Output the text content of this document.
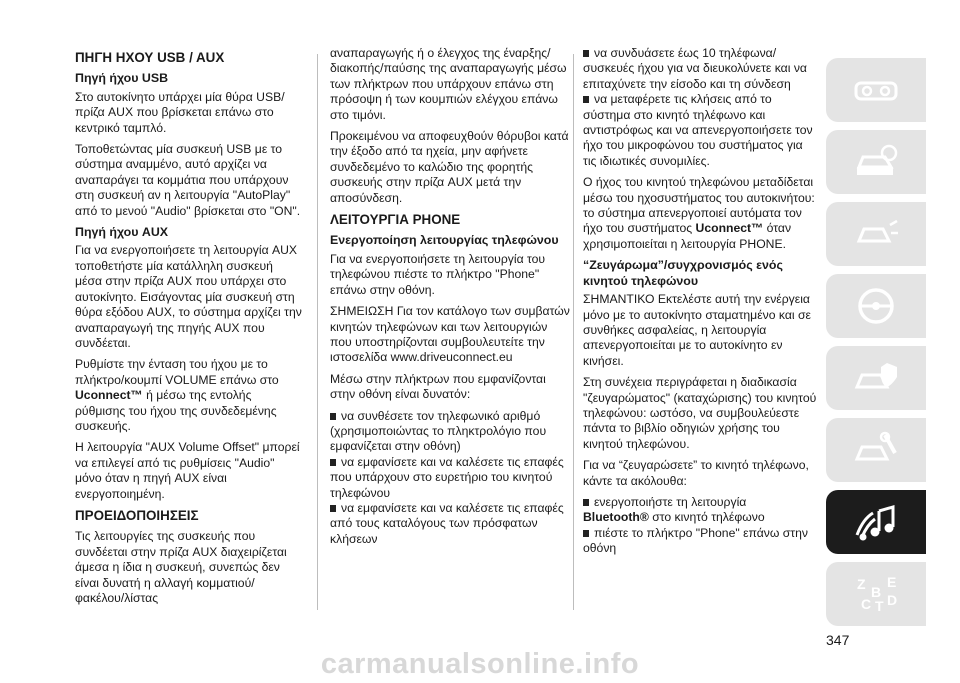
ΠΗΓΗ ΗΧΟΥ USB / AUX
Πηγή ήχου USB

Στο αυτοκίνητο υπάρχει μία θύρα USB/πρίζα AUX που βρίσκεται επάνω στο κεντρικό ταμπλό.

Τοποθετώντας μία συσκευή USB με το σύστημα αναμμένο, αυτό αρχίζει να αναπαράγει τα κομμάτια που υπάρχουν στη συσκευή αν η λειτουργία "AutoPlay" από το μενού "Audio" βρίσκεται στο "ON".

Πηγή ήχου AUX

Για να ενεργοποιήσετε τη λειτουργία AUX τοποθετήστε μία κατάλληλη συσκευή μέσα στην πρίζα AUX που υπάρχει στο αυτοκίνητο. Εισάγοντας μία συσκευή στη θύρα εξόδου AUX, το σύστημα αρχίζει την αναπαραγωγή της πηγής AUX που συνδέεται.

Ρυθμίστε την ένταση του ήχου με το πλήκτρο/κουμπί VOLUME επάνω στο Uconnect™ ή μέσω της εντολής ρύθμισης του ήχου της συνδεδεμένης συσκευής.

Η λειτουργία "AUX Volume Offset" μπορεί να επιλεγεί από τις ρυθμίσεις "Audio" μόνο όταν η πηγή AUX είναι ενεργοποιημένη.

ΠΡΟΕΙΔΟΠΟΙΗΣΕΙΣ

Τις λειτουργίες της συσκευής που συνδέεται στην πρίζα AUX διαχειρίζεται άμεσα η ίδια η συσκευή, συνεπώς δεν είναι δυνατή η αλλαγή κομματιού/φακέλου/λίστας

αναπαραγωγής ή ο έλεγχος της έναρξης/διακοπής/παύσης της αναπαραγωγής μέσω των πλήκτρων που υπάρχουν επάνω στη πρόσοψη ή των κουμπιών ελέγχου επάνω στο τιμόνι.

Προκειμένου να αποφευχθούν θόρυβοι κατά την έξοδο από τα ηχεία, μην αφήνετε συνδεδεμένο το καλώδιο της φορητής συσκευής στην πρίζα AUX μετά την αποσύνδεση.

ΛΕΙΤΟΥΡΓΙΑ PHONE
Ενεργοποίηση λειτουργίας τηλεφώνου

Για να ενεργοποιήσετε τη λειτουργία του τηλεφώνου πιέστε το πλήκτρο "Phone" επάνω στην οθόνη.

ΣΗΜΕΙΩΣΗ Για τον κατάλογο των συμβατών κινητών τηλεφώνων και των λειτουργιών που υποστηρίζονται συμβουλευτείτε την ιστοσελίδα www.driveuconnect.eu

Μέσω στην πλήκτρων που εμφανίζονται στην οθόνη είναι δυνατόν:

να συνθέσετε τον τηλεφωνικό αριθμό (χρησιμοποιώντας το πληκτρολόγιο που εμφανίζεται στην οθόνη)
να εμφανίσετε και να καλέσετε τις επαφές που υπάρχουν στο ευρετήριο του κινητού τηλεφώνου
να εμφανίσετε και να καλέσετε τις επαφές από τους καταλόγους των πρόσφατων κλήσεων
να συνδυάσετε έως 10 τηλέφωνα/συσκευές ήχου για να διευκολύνετε και να επιταχύνετε την είσοδο και τη σύνδεση
να μεταφέρετε τις κλήσεις από το σύστημα στο κινητό τηλέφωνο και αντιστρόφως και να απενεργοποιήσετε τον ήχο του μικροφώνου του συστήματος για τις ιδιωτικές συνομιλίες.

Ο ήχος του κινητού τηλεφώνου μεταδίδεται μέσω του ηχοσυστήματος του αυτοκινήτου: το σύστημα απενεργοποιεί αυτόματα τον ήχο του συστήματος Uconnect™ όταν χρησιμοποιείται η λειτουργία PHONE.

“Ζευγάρωμα”/συγχρονισμός ενός κινητού τηλεφώνου

ΣΗΜΑΝΤΙΚΟ Εκτελέστε αυτή την ενέργεια μόνο με το αυτοκίνητο σταματημένο και σε συνθήκες ασφαλείας, η λειτουργία απενεργοποιείται με το αυτοκίνητο εν κινήσει.

Στη συνέχεια περιγράφεται η διαδικασία "ζευγαρώματος" (καταχώρισης) του κινητού τηλεφώνου: ωστόσο, να συμβουλεύεστε πάντα το βιβλίο οδηγιών χρήσης του κινητού τηλεφώνου.

Για να “ζευγαρώσετε” το κινητό τηλέφωνο, κάντε τα ακόλουθα:

ενεργοποιήστε τη λειτουργία
Bluetooth® στο κινητό τηλέφωνο
πιέστε το πλήκτρο "Phone" επάνω στην οθόνη
Z B
E
C T D
347
carmanualsonline.info
